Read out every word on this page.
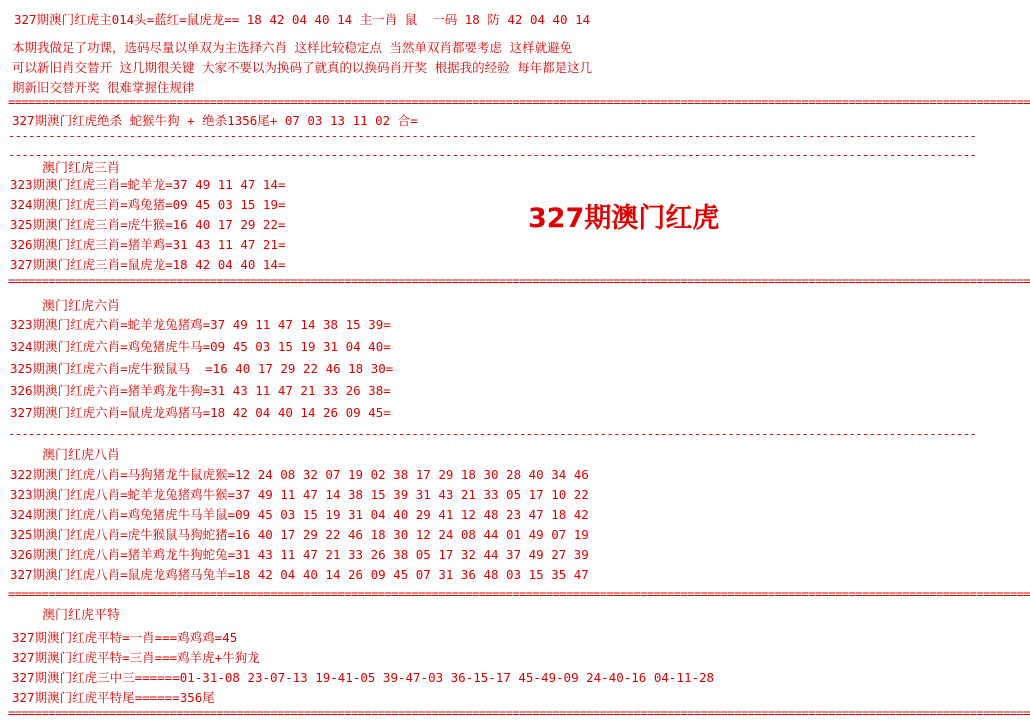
327期澳门红虎主014头=蓝红=鼠虎龙== 18 42 04 40 14 主一肖 鼠  一码 18 防 42 04 40 14
本期我做足了功课，选码尽量以单双为主选择六肖 这样比较稳定点 当然单双肖都要考虑 这样就避免
可以新旧肖交替开 这几期很关键 大家不要以为换码了就真的以换码肖开奖 根据我的经验 每年都是这几
期新旧交替开奖 很难掌握住规律
========================================================================================================================================================
327期澳门红虎绝杀 蛇猴牛狗 + 绝杀1356尾+ 07 03 13 11 02 合=
------------------------------------------------------------------------------------------------------------------------------------------------
------------------------------------------------------------------------------------------------------------------------------------------------
327期澳门红虎
澳门红虎三肖
323期澳门红虎三肖=蛇羊龙=37 49 11 47 14=
324期澳门红虎三肖=鸡兔猪=09 45 03 15 19=
325期澳门红虎三肖=虎牛猴=16 40 17 29 22=
326期澳门红虎三肖=猪羊鸡=31 43 11 47 21=
327期澳门红虎三肖=鼠虎龙=18 42 04 40 14=
========================================================================================================================================================
澳门红虎六肖
323期澳门红虎六肖=蛇羊龙兔猪鸡=37 49 11 47 14 38 15 39=
324期澳门红虎六肖=鸡兔猪虎牛马=09 45 03 15 19 31 04 40=
325期澳门红虎六肖=虎牛猴鼠马  =16 40 17 29 22 46 18 30=
326期澳门红虎六肖=猪羊鸡龙牛狗=31 43 11 47 21 33 26 38=
327期澳门红虎六肖=鼠虎龙鸡猪马=18 42 04 40 14 26 09 45=
------------------------------------------------------------------------------------------------------------------------------------------------
澳门红虎八肖
322期澳门红虎八肖=马狗猪龙牛鼠虎猴=12 24 08 32 07 19 02 38 17 29 18 30 28 40 34 46
323期澳门红虎八肖=蛇羊龙兔猪鸡牛猴=37 49 11 47 14 38 15 39 31 43 21 33 05 17 10 22
324期澳门红虎八肖=鸡兔猪虎牛马羊鼠=09 45 03 15 19 31 04 40 29 41 12 48 23 47 18 42
325期澳门红虎八肖=虎牛猴鼠马狗蛇猪=16 40 17 29 22 46 18 30 12 24 08 44 01 49 07 19
326期澳门红虎八肖=猪羊鸡龙牛狗蛇兔=31 43 11 47 21 33 26 38 05 17 32 44 37 49 27 39
327期澳门红虎八肖=鼠虎龙鸡猪马兔羊=18 42 04 40 14 26 09 45 07 31 36 48 03 15 35 47
========================================================================================================================================================
澳门红虎平特
327期澳门红虎平特=一肖===鸡鸡鸡=45
327期澳门红虎平特=三肖===鸡羊虎+牛狗龙
327期澳门红虎三中三======01-31-08 23-07-13 19-41-05 39-47-03 36-15-17 45-49-09 24-40-16 04-11-28
327期澳门红虎平特尾======356尾
========================================================================================================================================================
